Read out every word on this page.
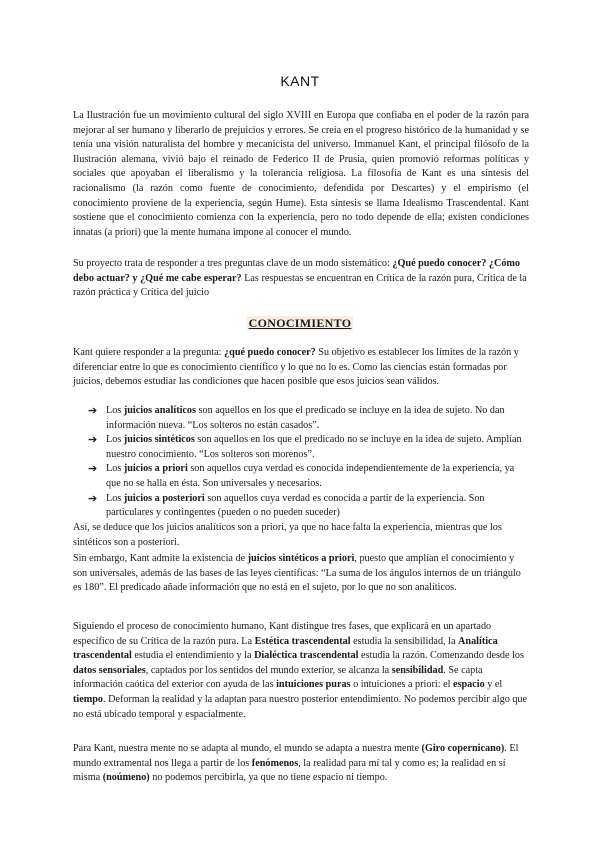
KANT

La Ilustración fue un movimiento cultural del siglo XVIII en Europa que confiaba en el poder de la razón para mejorar al ser humano y liberarlo de prejuicios y errores. Se creía en el progreso histórico de la humanidad y se tenía una visión naturalista del hombre y mecanicista del universo. Immanuel Kant, el principal filósofo de la Ilustración alemana, vivió bajo el reinado de Federico II de Prusia, quien promovió reformas políticas y sociales que apoyaban el liberalismo y la tolerancia religiosa. La filosofía de Kant es una síntesis del racionalismo (la razón como fuente de conocimiento, defendida por Descartes) y el empirismo (el conocimiento proviene de la experiencia, según Hume). Esta síntesis se llama Idealismo Trascendental. Kant sostiene que el conocimiento comienza con la experiencia, pero no todo depende de ella; existen condiciones innatas (a priori) que la mente humana impone al conocer el mundo.

Su proyecto trata de responder a tres preguntas clave de un modo sistemático: ¿Qué puedo conocer? ¿Cómo debo actuar? y ¿Qué me cabe esperar? Las respuestas se encuentran en Crítica de la razón pura, Crítica de la razón práctica y Crítica del juicio

CONOCIMIENTO

Kant quiere responder a la pregunta: ¿qué puedo conocer? Su objetivo es establecer los límites de la razón y diferenciar entre lo que es conocimiento científico y lo que no lo es. Como las ciencias están formadas por juicios, debemos estudiar las condiciones que hacen posible que esos juicios sean válidos.

➔ Los juicios analíticos son aquellos en los que el predicado se incluye en la idea de sujeto. No dan información nueva. “Los solteros no están casados”.
➔ Los juicios sintéticos son aquellos en los que el predicado no se incluye en la idea de sujeto. Amplían nuestro conocimiento. “Los solteros son morenos”.
➔ Los juicios a priori son aquellos cuya verdad es conocida independientemente de la experiencia, ya que no se halla en ésta. Son universales y necesarios.
➔ Los juicios a posteriori son aquellos cuya verdad es conocida a partir de la experiencia. Son particulares y contingentes (pueden o no pueden suceder)

Así, se deduce que los juicios analíticos son a priori, ya que no hace falta la experiencia, mientras que los sintéticos son a posteriori.

Sin embargo, Kant admite la existencia de juicios sintéticos a priori, puesto que amplían el conocimiento y son universales, además de las bases de las leyes científicas: “La suma de los ángulos internos de un triángulo es 180”. El predicado añade información que no está en el sujeto, por lo que no son analíticos.

Siguiendo el proceso de conocimiento humano, Kant distingue tres fases, que explicará en un apartado específico de su Crítica de la razón pura. La Estética trascendental estudia la sensibilidad, la Analítica trascendental estudia el entendimiento y la Dialéctica trascendental estudia la razón. Comenzando desde los datos sensoriales, captados por los sentidos del mundo exterior, se alcanza la sensibilidad. Se capta información caótica del exterior con ayuda de las intuiciones puras o intuiciones a priori: el espacio y el tiempo. Deforman la realidad y la adaptan para nuestro posterior entendimiento. No podemos percibir algo que no está ubicado temporal y espacialmente.

Para Kant, nuestra mente no se adapta al mundo, el mundo se adapta a nuestra mente (Giro copernicano). El mundo extramental nos llega a partir de los fenómenos, la realidad para mí tal y como es; la realidad en sí misma (noúmeno) no podemos percibirla, ya que no tiene espacio ni tiempo.
